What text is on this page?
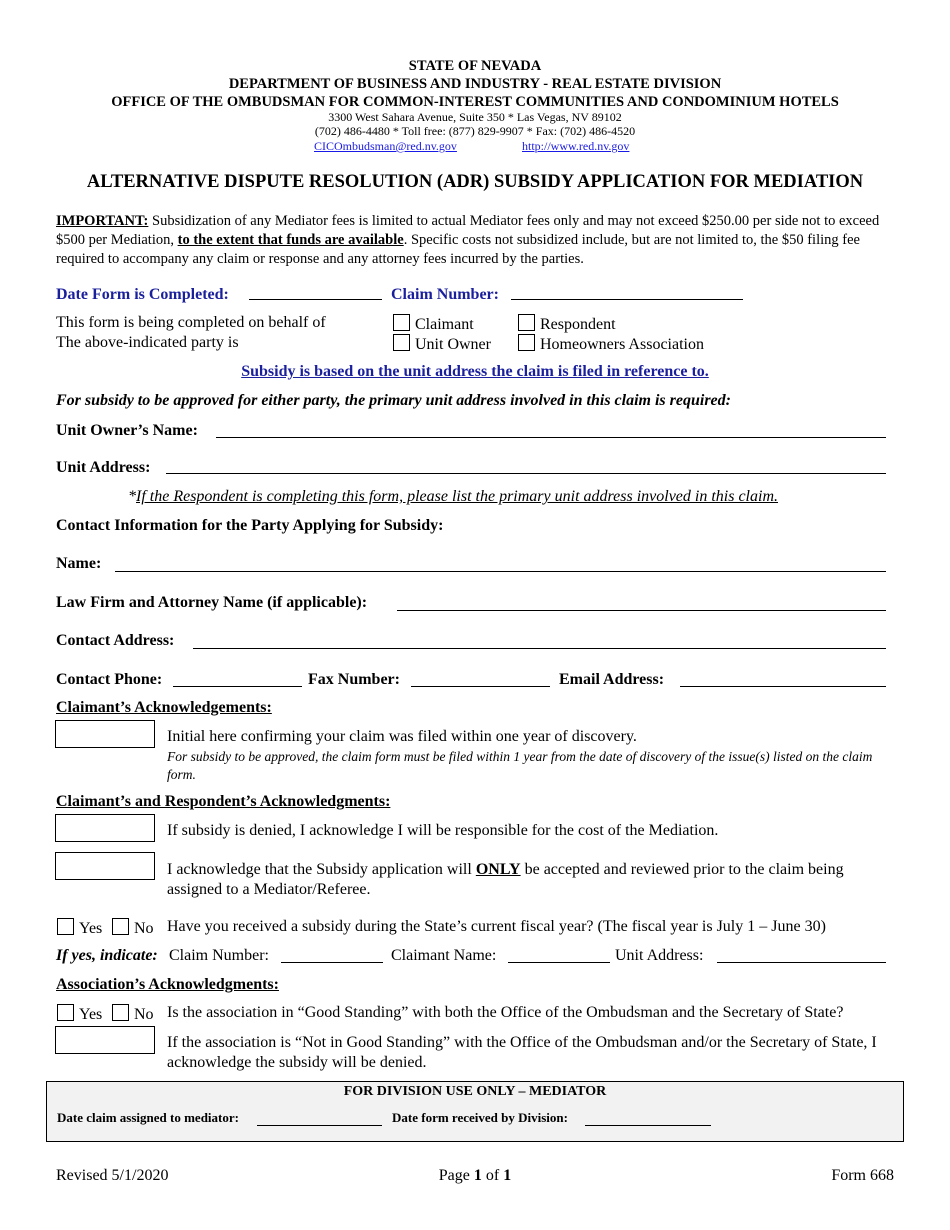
STATE OF NEVADA
DEPARTMENT OF BUSINESS AND INDUSTRY - REAL ESTATE DIVISION
OFFICE OF THE OMBUDSMAN FOR COMMON-INTEREST COMMUNITIES AND CONDOMINIUM HOTELS
3300 West Sahara Avenue, Suite 350 * Las Vegas, NV 89102
(702) 486-4480 * Toll free: (877) 829-9907 * Fax: (702) 486-4520
CICOmbudsman@red.nv.gov	http://www.red.nv.gov
ALTERNATIVE DISPUTE RESOLUTION (ADR) SUBSIDY APPLICATION FOR MEDIATION
IMPORTANT: Subsidization of any Mediator fees is limited to actual Mediator fees only and may not exceed $250.00 per side not to exceed $500 per Mediation, to the extent that funds are available. Specific costs not subsidized include, but are not limited to, the $50 filing fee required to accompany any claim or response and any attorney fees incurred by the parties.
Date Form is Completed:	Claim Number:
This form is being completed on behalf of
The above-indicated party is
Claimant	Respondent
Unit Owner	Homeowners Association
Subsidy is based on the unit address the claim is filed in reference to.
For subsidy to be approved for either party, the primary unit address involved in this claim is required:
Unit Owner’s Name:
Unit Address:
*If the Respondent is completing this form, please list the primary unit address involved in this claim.
Contact Information for the Party Applying for Subsidy:
Name:
Law Firm and Attorney Name (if applicable):
Contact Address:
Contact Phone:	Fax Number:	Email Address:
Claimant’s Acknowledgements:
Initial here confirming your claim was filed within one year of discovery.
For subsidy to be approved, the claim form must be filed within 1 year from the date of discovery of the issue(s) listed on the claim form.
Claimant’s and Respondent’s Acknowledgments:
If subsidy is denied, I acknowledge I will be responsible for the cost of the Mediation.
I acknowledge that the Subsidy application will ONLY be accepted and reviewed prior to the claim being assigned to a Mediator/Referee.
Yes	No Have you received a subsidy during the State’s current fiscal year? (The fiscal year is July 1 – June 30)
If yes, indicate: Claim Number:	Claimant Name:	Unit Address:
Association’s Acknowledgments:
Yes	No Is the association in “Good Standing” with both the Office of the Ombudsman and the Secretary of State?
If the association is “Not in Good Standing” with the Office of the Ombudsman and/or the Secretary of State, I acknowledge the subsidy will be denied.
FOR DIVISION USE ONLY – MEDIATOR
Date claim assigned to mediator:	Date form received by Division:
Revised 5/1/2020	Page 1 of 1	Form 668
